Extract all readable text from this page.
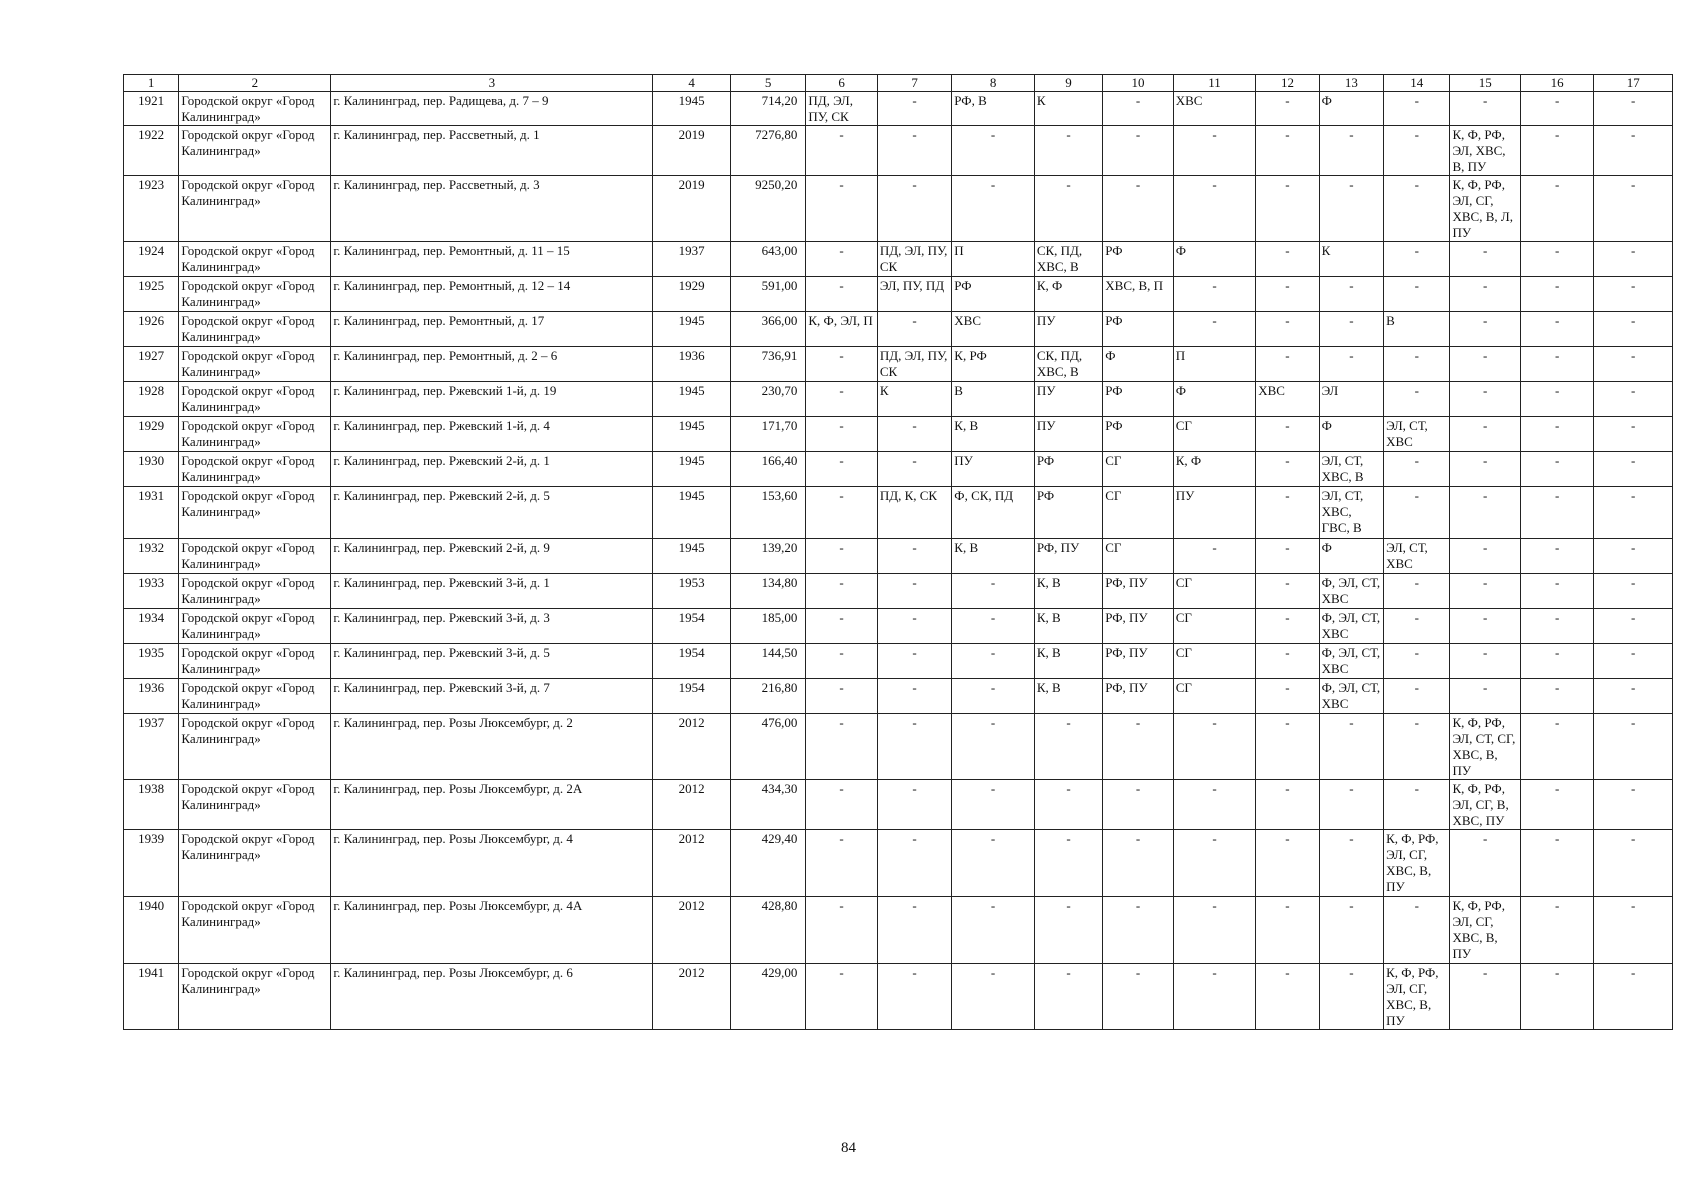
1	2	3	4	5	6	7	8	9	10	11	12	13	14	15	16	17
1921	Городской округ «Город Калининград»	г. Калининград, пер. Радищева, д. 7 – 9	1945	714,20	ПД, ЭЛ, ПУ, СК	-	РФ, В	К	-	ХВС	-	Ф	-	-	-	-
1922	Городской округ «Город Калининград»	г. Калининград, пер. Рассветный, д. 1	2019	7276,80	-	-	-	-	-	-	-	-	-	К, Ф, РФ, ЭЛ, ХВС, В, ПУ	-	-
1923	Городской округ «Город Калининград»	г. Калининград, пер. Рассветный, д. 3	2019	9250,20	-	-	-	-	-	-	-	-	-	К, Ф, РФ, ЭЛ, СГ, ХВС, В, Л, ПУ	-	-
1924	Городской округ «Город Калининград»	г. Калининград, пер. Ремонтный, д. 11 – 15	1937	643,00	-	ПД, ЭЛ, ПУ, СК	П	СК, ПД, ХВС, В	РФ	Ф	-	К	-	-	-	-
1925	Городской округ «Город Калининград»	г. Калининград, пер. Ремонтный, д. 12 – 14	1929	591,00	-	ЭЛ, ПУ, ПД	РФ	К, Ф	ХВС, В, П	-	-	-	-	-	-	-
1926	Городской округ «Город Калининград»	г. Калининград, пер. Ремонтный, д. 17	1945	366,00	К, Ф, ЭЛ, П	-	ХВС	ПУ	РФ	-	-	-	В	-	-	-
1927	Городской округ «Город Калининград»	г. Калининград, пер. Ремонтный, д. 2 – 6	1936	736,91	-	ПД, ЭЛ, ПУ, СК	К, РФ	СК, ПД, ХВС, В	Ф	П	-	-	-	-	-	-
1928	Городской округ «Город Калининград»	г. Калининград, пер. Ржевский 1-й, д. 19	1945	230,70	-	К	В	ПУ	РФ	Ф	ХВС	ЭЛ	-	-	-	-
1929	Городской округ «Город Калининград»	г. Калининград, пер. Ржевский 1-й, д. 4	1945	171,70	-	-	К, В	ПУ	РФ	СГ	-	Ф	ЭЛ, СТ, ХВС	-	-	-
1930	Городской округ «Город Калининград»	г. Калининград, пер. Ржевский 2-й, д. 1	1945	166,40	-	-	ПУ	РФ	СГ	К, Ф	-	ЭЛ, СТ, ХВС, В	-	-	-	-
1931	Городской округ «Город Калининград»	г. Калининград, пер. Ржевский 2-й, д. 5	1945	153,60	-	ПД, К, СК	Ф, СК, ПД	РФ	СГ	ПУ	-	ЭЛ, СТ, ХВС, ГВС, В	-	-	-	-
1932	Городской округ «Город Калининград»	г. Калининград, пер. Ржевский 2-й, д. 9	1945	139,20	-	-	К, В	РФ, ПУ	СГ	-	-	Ф	ЭЛ, СТ, ХВС	-	-	-
1933	Городской округ «Город Калининград»	г. Калининград, пер. Ржевский 3-й, д. 1	1953	134,80	-	-	-	К, В	РФ, ПУ	СГ	-	Ф, ЭЛ, СТ, ХВС	-	-	-	-
1934	Городской округ «Город Калининград»	г. Калининград, пер. Ржевский 3-й, д. 3	1954	185,00	-	-	-	К, В	РФ, ПУ	СГ	-	Ф, ЭЛ, СТ, ХВС	-	-	-	-
1935	Городской округ «Город Калининград»	г. Калининград, пер. Ржевский 3-й, д. 5	1954	144,50	-	-	-	К, В	РФ, ПУ	СГ	-	Ф, ЭЛ, СТ, ХВС	-	-	-	-
1936	Городской округ «Город Калининград»	г. Калининград, пер. Ржевский 3-й, д. 7	1954	216,80	-	-	-	К, В	РФ, ПУ	СГ	-	Ф, ЭЛ, СТ, ХВС	-	-	-	-
1937	Городской округ «Город Калининград»	г. Калининград, пер. Розы Люксембург, д. 2	2012	476,00	-	-	-	-	-	-	-	-	-	К, Ф, РФ, ЭЛ, СТ, СГ, ХВС, В, ПУ	-	-
1938	Городской округ «Город Калининград»	г. Калининград, пер. Розы Люксембург, д. 2А	2012	434,30	-	-	-	-	-	-	-	-	-	К, Ф, РФ, ЭЛ, СГ, В, ХВС, ПУ	-	-
1939	Городской округ «Город Калининград»	г. Калининград, пер. Розы Люксембург, д. 4	2012	429,40	-	-	-	-	-	-	-	-	К, Ф, РФ, ЭЛ, СГ, ХВС, В, ПУ	-	-	-
1940	Городской округ «Город Калининград»	г. Калининград, пер. Розы Люксембург, д. 4А	2012	428,80	-	-	-	-	-	-	-	-	-	К, Ф, РФ, ЭЛ, СГ, ХВС, В, ПУ	-	-
1941	Городской округ «Город Калининград»	г. Калининград, пер. Розы Люксембург, д. 6	2012	429,00	-	-	-	-	-	-	-	-	К, Ф, РФ, ЭЛ, СГ, ХВС, В, ПУ	-	-	-
84
